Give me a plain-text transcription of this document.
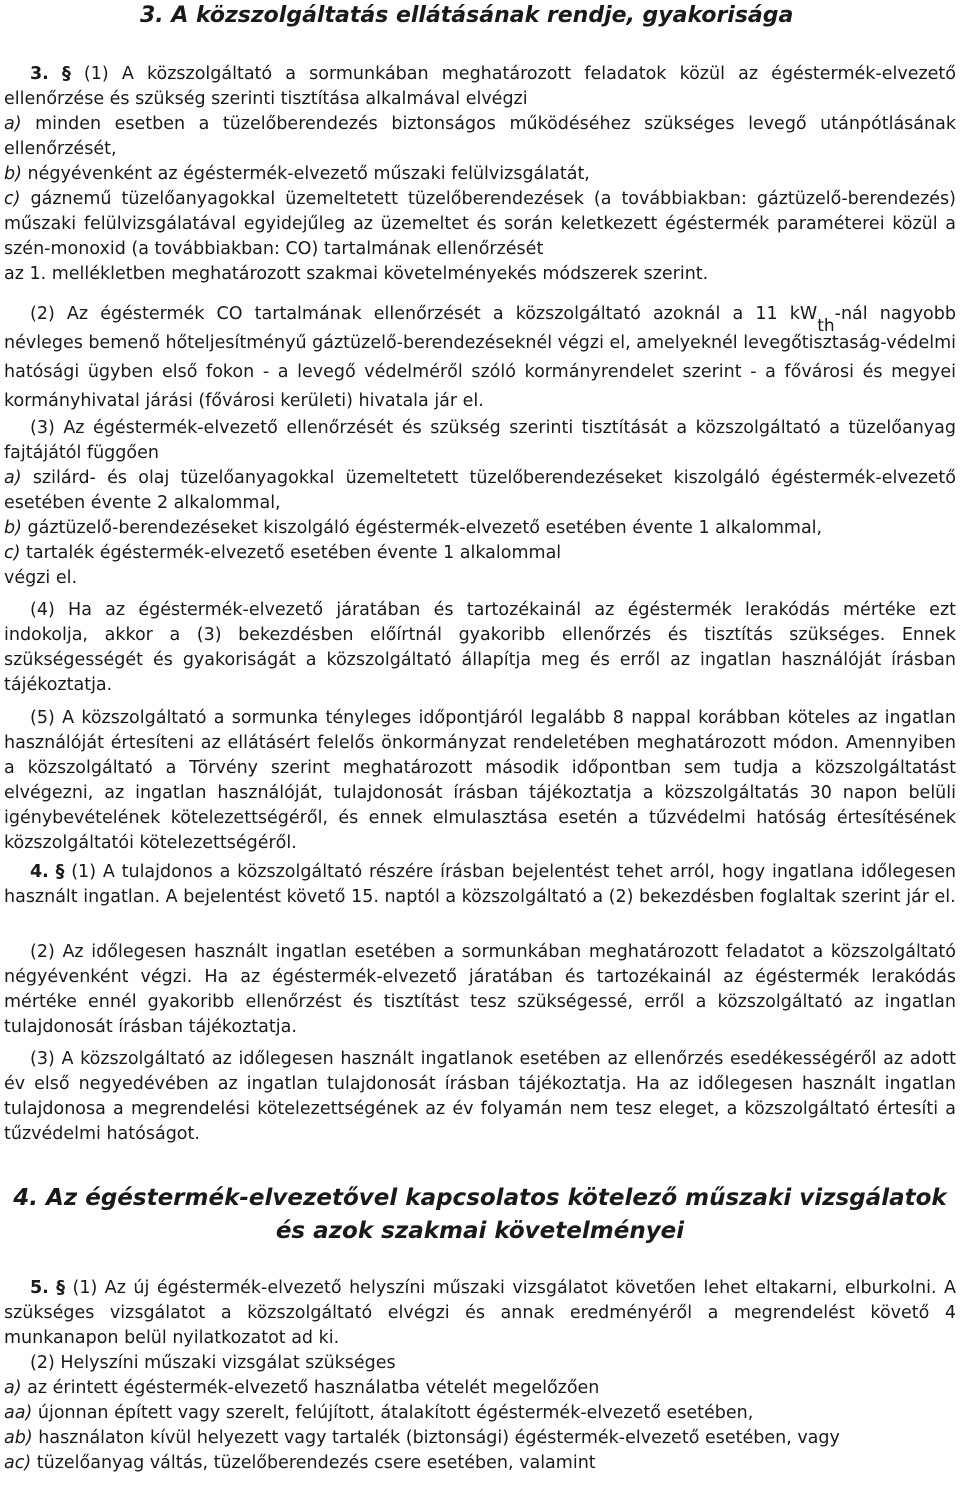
3. A közszolgáltatás ellátásának rendje, gyakorisága

3. § (1) A közszolgáltató a sormunkában meghatározott feladatok közül az égéstermék-elvezető ellenőrzése és szükség szerinti tisztítása alkalmával elvégzi

a) minden esetben a tüzelőberendezés biztonságos működéséhez szükséges levegő utánpótlásának ellenőrzését,

b) négyévenként az égéstermék-elvezető műszaki felülvizsgálatát,

c) gáznemű tüzelőanyagokkal üzemeltetett tüzelőberendezések (a továbbiakban: gáztüzelő-berendezés) műszaki felülvizsgálatával egyidejűleg az üzemeltet és során keletkezett égéstermék paraméterei közül a szén-monoxid (a továbbiakban: CO) tartalmának ellenőrzését

az 1. mellékletben meghatározott szakmai követelményekés módszerek szerint.

(2) Az égéstermék CO tartalmának ellenőrzését a közszolgáltató azoknál a 11 kWth-nál nagyobb névleges bemenő hőteljesítményű gáztüzelő-berendezéseknél végzi el, amelyeknél levegőtisztaság-védelmi hatósági ügyben első fokon - a levegő védelméről szóló kormányrendelet szerint - a fővárosi és megyei kormányhivatal járási (fővárosi kerületi) hivatala jár el.

(3) Az égéstermék-elvezető ellenőrzését és szükség szerinti tisztítását a közszolgáltató a tüzelőanyag fajtájától függően

a) szilárd- és olaj tüzelőanyagokkal üzemeltetett tüzelőberendezéseket kiszolgáló égéstermék-elvezető esetében évente 2 alkalommal,

b) gáztüzelő-berendezéseket kiszolgáló égéstermék-elvezető esetében évente 1 alkalommal,

c) tartalék égéstermék-elvezető esetében évente 1 alkalommal

végzi el.

(4) Ha az égéstermék-elvezető járatában és tartozékainál az égéstermék lerakódás mértéke ezt indokolja, akkor a (3) bekezdésben előírtnál gyakoribb ellenőrzés és tisztítás szükséges. Ennek szükségességét és gyakoriságát a közszolgáltató állapítja meg és erről az ingatlan használóját írásban tájékoztatja.

(5) A közszolgáltató a sormunka tényleges időpontjáról legalább 8 nappal korábban köteles az ingatlan használóját értesíteni az ellátásért felelős önkormányzat rendeletében meghatározott módon. Amennyiben a közszolgáltató a Törvény szerint meghatározott második időpontban sem tudja a közszolgáltatást elvégezni, az ingatlan használóját, tulajdonosát írásban tájékoztatja a közszolgáltatás 30 napon belüli igénybevételének kötelezettségéről, és ennek elmulasztása esetén a tűzvédelmi hatóság értesítésének közszolgáltatói kötelezettségéről.

4. § (1) A tulajdonos a közszolgáltató részére írásban bejelentést tehet arról, hogy ingatlana időlegesen használt ingatlan. A bejelentést követő 15. naptól a közszolgáltató a (2) bekezdésben foglaltak szerint jár el.

(2) Az időlegesen használt ingatlan esetében a sormunkában meghatározott feladatot a közszolgáltató négyévenként végzi. Ha az égéstermék-elvezető járatában és tartozékainál az égéstermék lerakódás mértéke ennél gyakoribb ellenőrzést és tisztítást tesz szükségessé, erről a közszolgáltató az ingatlan tulajdonosát írásban tájékoztatja.

(3) A közszolgáltató az időlegesen használt ingatlanok esetében az ellenőrzés esedékességéről az adott év első negyedévében az ingatlan tulajdonosát írásban tájékoztatja. Ha az időlegesen használt ingatlan tulajdonosa a megrendelési kötelezettségének az év folyamán nem tesz eleget, a közszolgáltató értesíti a tűzvédelmi hatóságot.

4. Az égéstermék-elvezetővel kapcsolatos kötelező műszaki vizsgálatok
és azok szakmai követelményei

5. § (1) Az új égéstermék-elvezető helyszíni műszaki vizsgálatot követően lehet eltakarni, elburkolni. A szükséges vizsgálatot a közszolgáltató elvégzi és annak eredményéről a megrendelést követő 4 munkanapon belül nyilatkozatot ad ki.

(2) Helyszíni műszaki vizsgálat szükséges

a) az érintett égéstermék-elvezető használatba vételét megelőzően

aa) újonnan épített vagy szerelt, felújított, átalakított égéstermék-elvezető esetében,

ab) használaton kívül helyezett vagy tartalék (biztonsági) égéstermék-elvezető esetében, vagy

ac) tüzelőanyag váltás, tüzelőberendezés csere esetében, valamint
